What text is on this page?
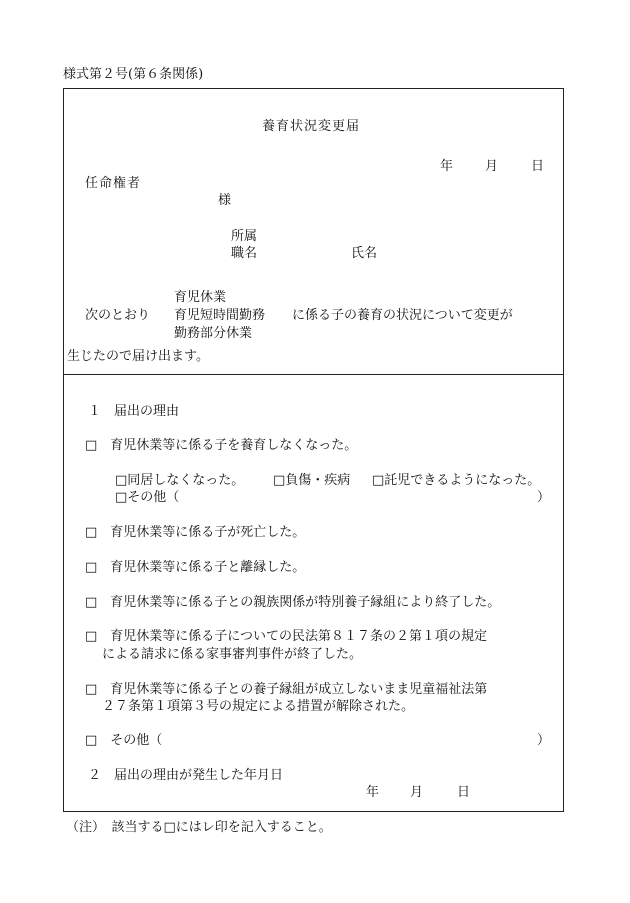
様式第２号(第６条関係)
養育状況変更届
年 月	日
任命権者
様
所属
職名	氏名
育児休業
次のとおり 育児短時間勤務 に係る子の養育の状況について変更が
勤務部分休業
生じたので届け出ます。
１　届出の理由
□　育児休業等に係る子を養育しなくなった。
□同居しなくなった。 □負傷・疾病 □託児できるようになった。
□その他（	）
□　育児休業等に係る子が死亡した。
□　育児休業等に係る子と離縁した。
□　育児休業等に係る子との親族関係が特別養子縁組により終了した。
□　育児休業等に係る子についての民法第８１７条の２第１項の規定
による請求に係る家事審判事件が終了した。
□　育児休業等に係る子との養子縁組が成立しないまま児童福祉法第
２７条第１項第３号の規定による措置が解除された。
□　その他（	）
２　届出の理由が発生した年月日
年 月	日
（注）　該当する□にはレ印を記入すること。
